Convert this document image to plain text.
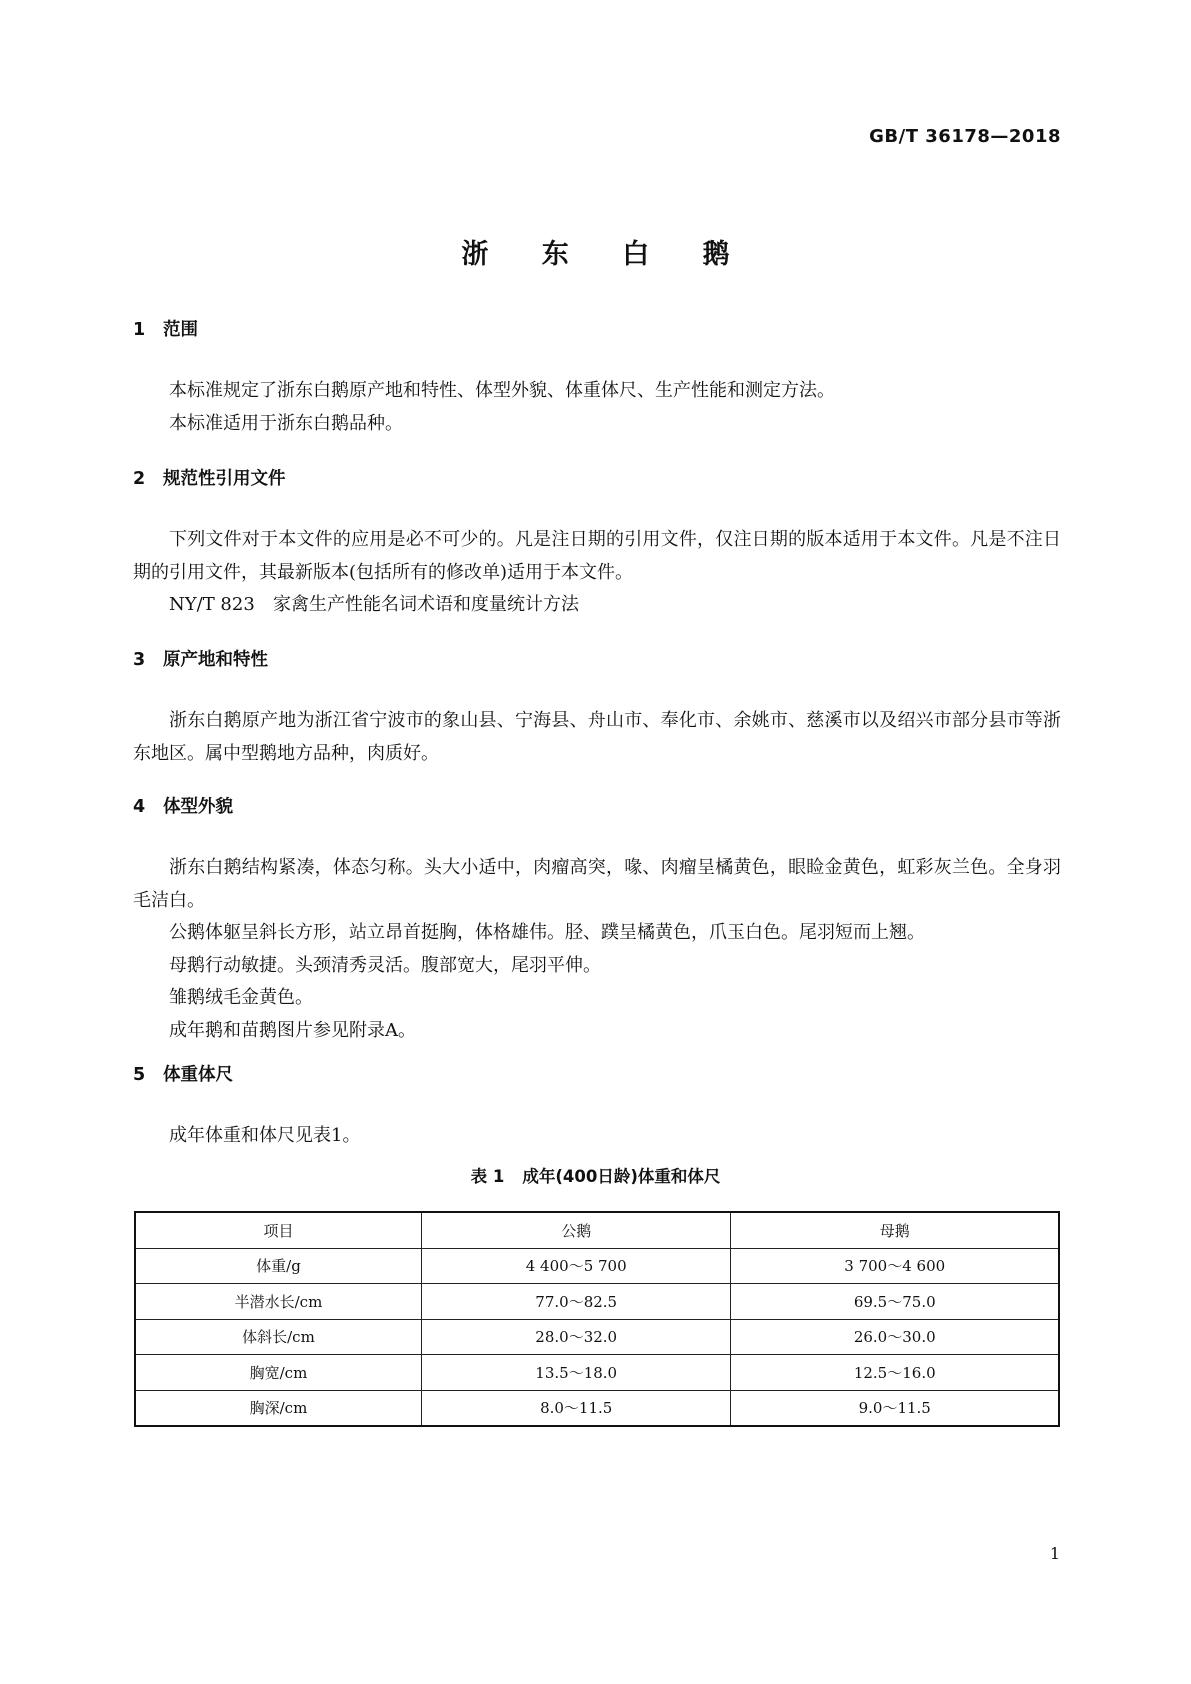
GB/T 36178—2018
浙 东 白 鹅
1 范围

本标准规定了浙东白鹅原产地和特性、体型外貌、体重体尺、生产性能和测定方法。

本标准适用于浙东白鹅品种。

2 规范性引用文件

下列文件对于本文件的应用是必不可少的。凡是注日期的引用文件，仅注日期的版本适用于本文件。凡是不注日期的引用文件，其最新版本(包括所有的修改单)适用于本文件。

NY/T 823 家禽生产性能名词术语和度量统计方法

3 原产地和特性

浙东白鹅原产地为浙江省宁波市的象山县、宁海县、舟山市、奉化市、余姚市、慈溪市以及绍兴市部分县市等浙东地区。属中型鹅地方品种，肉质好。

4 体型外貌

浙东白鹅结构紧凑，体态匀称。头大小适中，肉瘤高突，喙、肉瘤呈橘黄色，眼睑金黄色，虹彩灰兰色。全身羽毛洁白。

公鹅体躯呈斜长方形，站立昂首挺胸，体格雄伟。胫、蹼呈橘黄色，爪玉白色。尾羽短而上翘。

母鹅行动敏捷。头颈清秀灵活。腹部宽大，尾羽平伸。

雏鹅绒毛金黄色。

成年鹅和苗鹅图片参见附录A。

5 体重体尺

成年体重和体尺见表1。

表 1 成年(400日龄)体重和体尺
项目	公鹅	母鹅
体重/g	4 400～5 700	3 700～4 600
半潜水长/cm	77.0～82.5	69.5～75.0
体斜长/cm	28.0～32.0	26.0～30.0
胸宽/cm	13.5～18.0	12.5～16.0
胸深/cm	8.0～11.5	9.0～11.5
1
